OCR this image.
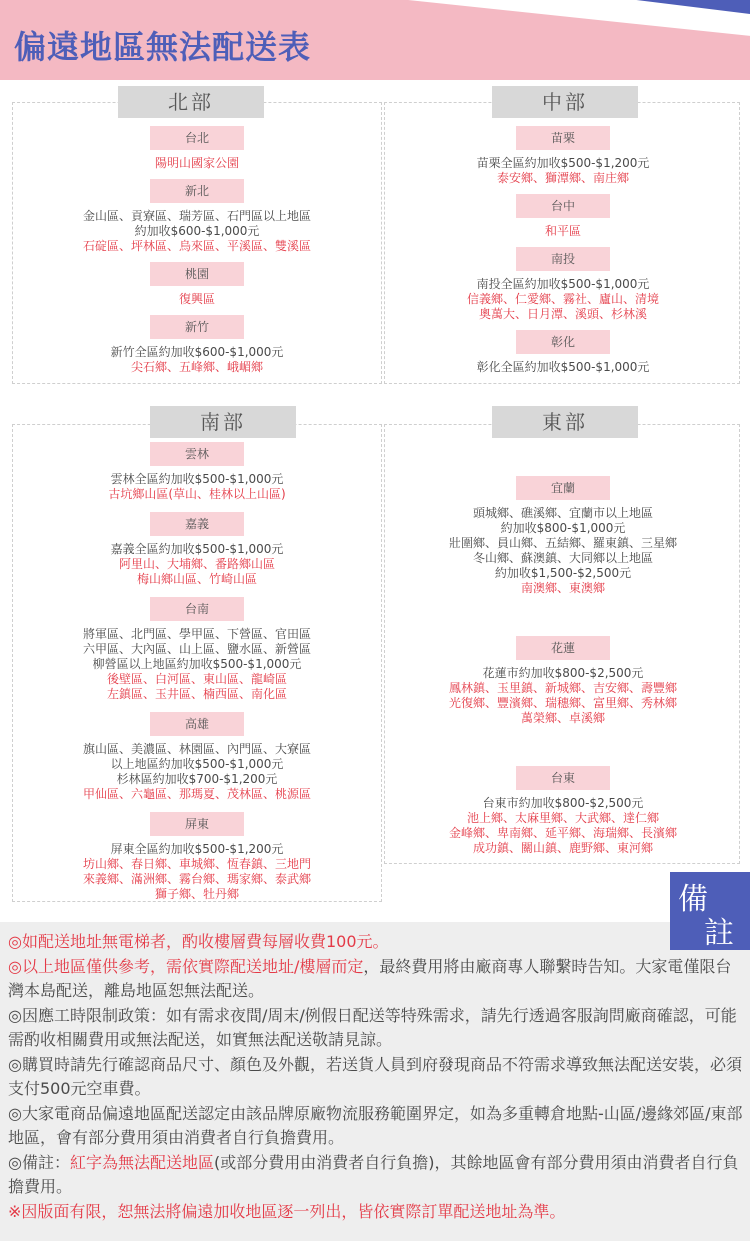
偏遠地區無法配送表
北部
台北
陽明山國家公園
新北
金山區、貢寮區、瑞芳區、石門區以上地區
約加收$600-$1,000元
石碇區、坪林區、烏來區、平溪區、雙溪區
桃園
復興區
新竹
新竹全區約加收$600-$1,000元
尖石鄉、五峰鄉、峨嵋鄉
中部
苗栗
苗栗全區約加收$500-$1,200元
泰安鄉、獅潭鄉、南庄鄉
台中
和平區
南投
南投全區約加收$500-$1,000元
信義鄉、仁愛鄉、霧社、廬山、清境
奧萬大、日月潭、溪頭、杉林溪
彰化
彰化全區約加收$500-$1,000元
南部
雲林
雲林全區約加收$500-$1,000元
古坑鄉山區(草山、桂林以上山區)
嘉義
嘉義全區約加收$500-$1,000元
阿里山、大埔鄉、番路鄉山區
梅山鄉山區、竹崎山區
台南
將軍區、北門區、學甲區、下營區、官田區
六甲區、大內區、山上區、鹽水區、新營區
柳營區以上地區約加收$500-$1,000元
後壁區、白河區、東山區、龍崎區
左鎮區、玉井區、楠西區、南化區
高雄
旗山區、美濃區、林園區、內門區、大寮區
以上地區約加收$500-$1,000元
杉林區約加收$700-$1,200元
甲仙區、六龜區、那瑪夏、茂林區、桃源區
屏東
屏東全區約加收$500-$1,200元
坊山鄉、春日鄉、車城鄉、恆春鎮、三地門
來義鄉、滿洲鄉、霧台鄉、瑪家鄉、泰武鄉
獅子鄉、牡丹鄉
東部
宜蘭
頭城鄉、礁溪鄉、宜蘭市以上地區
約加收$800-$1,000元
壯圍鄉、員山鄉、五結鄉、羅東鎮、三星鄉
冬山鄉、蘇澳鎮、大同鄉以上地區
約加收$1,500-$2,500元
南澳鄉、東澳鄉
花蓮
花蓮市約加收$800-$2,500元
鳳林鎮、玉里鎮、新城鄉、吉安鄉、壽豐鄉
光復鄉、豐濱鄉、瑞穗鄉、富里鄉、秀林鄉
萬榮鄉、卓溪鄉
台東
台東市約加收$800-$2,500元
池上鄉、太麻里鄉、大武鄉、達仁鄉
金峰鄉、卑南鄉、延平鄉、海瑞鄉、長濱鄉
成功鎮、關山鎮、鹿野鄉、東河鄉
備
註

◎如配送地址無電梯者，酌收樓層費每層收費100元。

◎以上地區僅供參考，需依實際配送地址/樓層而定，最終費用將由廠商專人聯繫時告知。大家電僅限台灣本島配送，離島地區恕無法配送。

◎因應工時限制政策：如有需求夜間/周末/例假日配送等特殊需求，請先行透過客服詢問廠商確認，可能需酌收相關費用或無法配送，如實無法配送敬請見諒。

◎購買時請先行確認商品尺寸、顏色及外觀，若送貨人員到府發現商品不符需求導致無法配送安裝，必須支付500元空車費。

◎大家電商品偏遠地區配送認定由該品牌原廠物流服務範圍界定，如為多重轉倉地點-山區/邊緣郊區/東部地區，會有部分費用須由消費者自行負擔費用。

◎備註：紅字為無法配送地區(或部分費用由消費者自行負擔)，其餘地區會有部分費用須由消費者自行負擔費用。

※因版面有限，恕無法將偏遠加收地區逐一列出，皆依實際訂單配送地址為準。
